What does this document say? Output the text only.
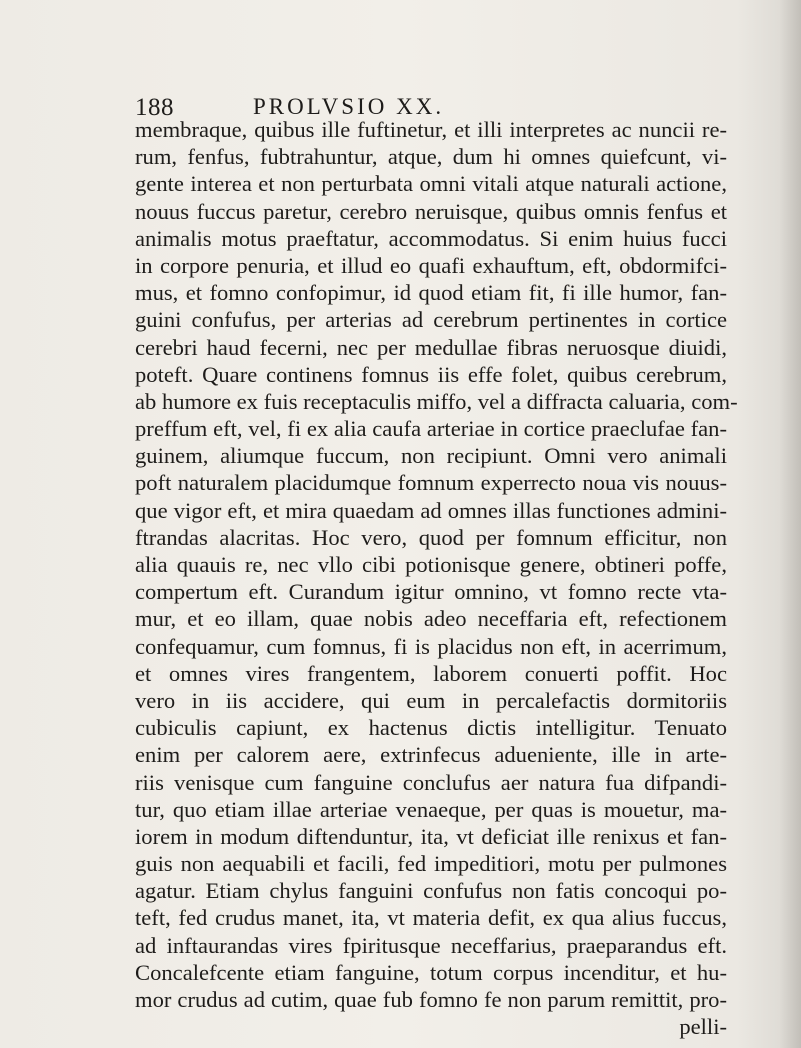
188	PROLVSIO XX.
membraque, quibus ille fuftinetur, et illi interpretes ac nuncii re-
rum, fenfus, fubtrahuntur, atque, dum hi omnes quiefcunt, vi-
gente interea et non perturbata omni vitali atque naturali actione,
nouus fuccus paretur, cerebro neruisque, quibus omnis fenfus et
animalis motus praeftatur, accommodatus. Si enim huius fucci
in corpore penuria, et illud eo quafi exhauftum, eft, obdormifci-
mus, et fomno confopimur, id quod etiam fit, fi ille humor, fan-
guini confufus, per arterias ad cerebrum pertinentes in cortice
cerebri haud fecerni, nec per medullae fibras neruosque diuidi,
poteft. Quare continens fomnus iis effe folet, quibus cerebrum,
ab humore ex fuis receptaculis miffo, vel a diffracta caluaria, com-
preffum eft, vel, fi ex alia caufa arteriae in cortice praeclufae fan-
guinem, aliumque fuccum, non recipiunt. Omni vero animali
poft naturalem placidumque fomnum experrecto noua vis nouus-
que vigor eft, et mira quaedam ad omnes illas functiones admini-
ftrandas alacritas. Hoc vero, quod per fomnum efficitur, non
alia quauis re, nec vllo cibi potionisque genere, obtineri poffe,
compertum eft. Curandum igitur omnino, vt fomno recte vta-
mur, et eo illam, quae nobis adeo neceffaria eft, refectionem
confequamur, cum fomnus, fi is placidus non eft, in acerrimum,
et omnes vires frangentem, laborem conuerti poffit. Hoc
vero in iis accidere, qui eum in percalefactis dormitoriis
cubiculis capiunt, ex hactenus dictis intelligitur. Tenuato
enim per calorem aere, extrinfecus adueniente, ille in arte-
riis venisque cum fanguine conclufus aer natura fua difpandi-
tur, quo etiam illae arteriae venaeque, per quas is mouetur, ma-
iorem in modum diftenduntur, ita, vt deficiat ille renixus et fan-
guis non aequabili et facili, fed impeditiori, motu per pulmones
agatur. Etiam chylus fanguini confufus non fatis concoqui po-
teft, fed crudus manet, ita, vt materia defit, ex qua alius fuccus,
ad inftaurandas vires fpiritusque neceffarius, praeparandus eft.
Concalefcente etiam fanguine, totum corpus incenditur, et hu-
mor crudus ad cutim, quae fub fomno fe non parum remittit, pro-
pelli-
